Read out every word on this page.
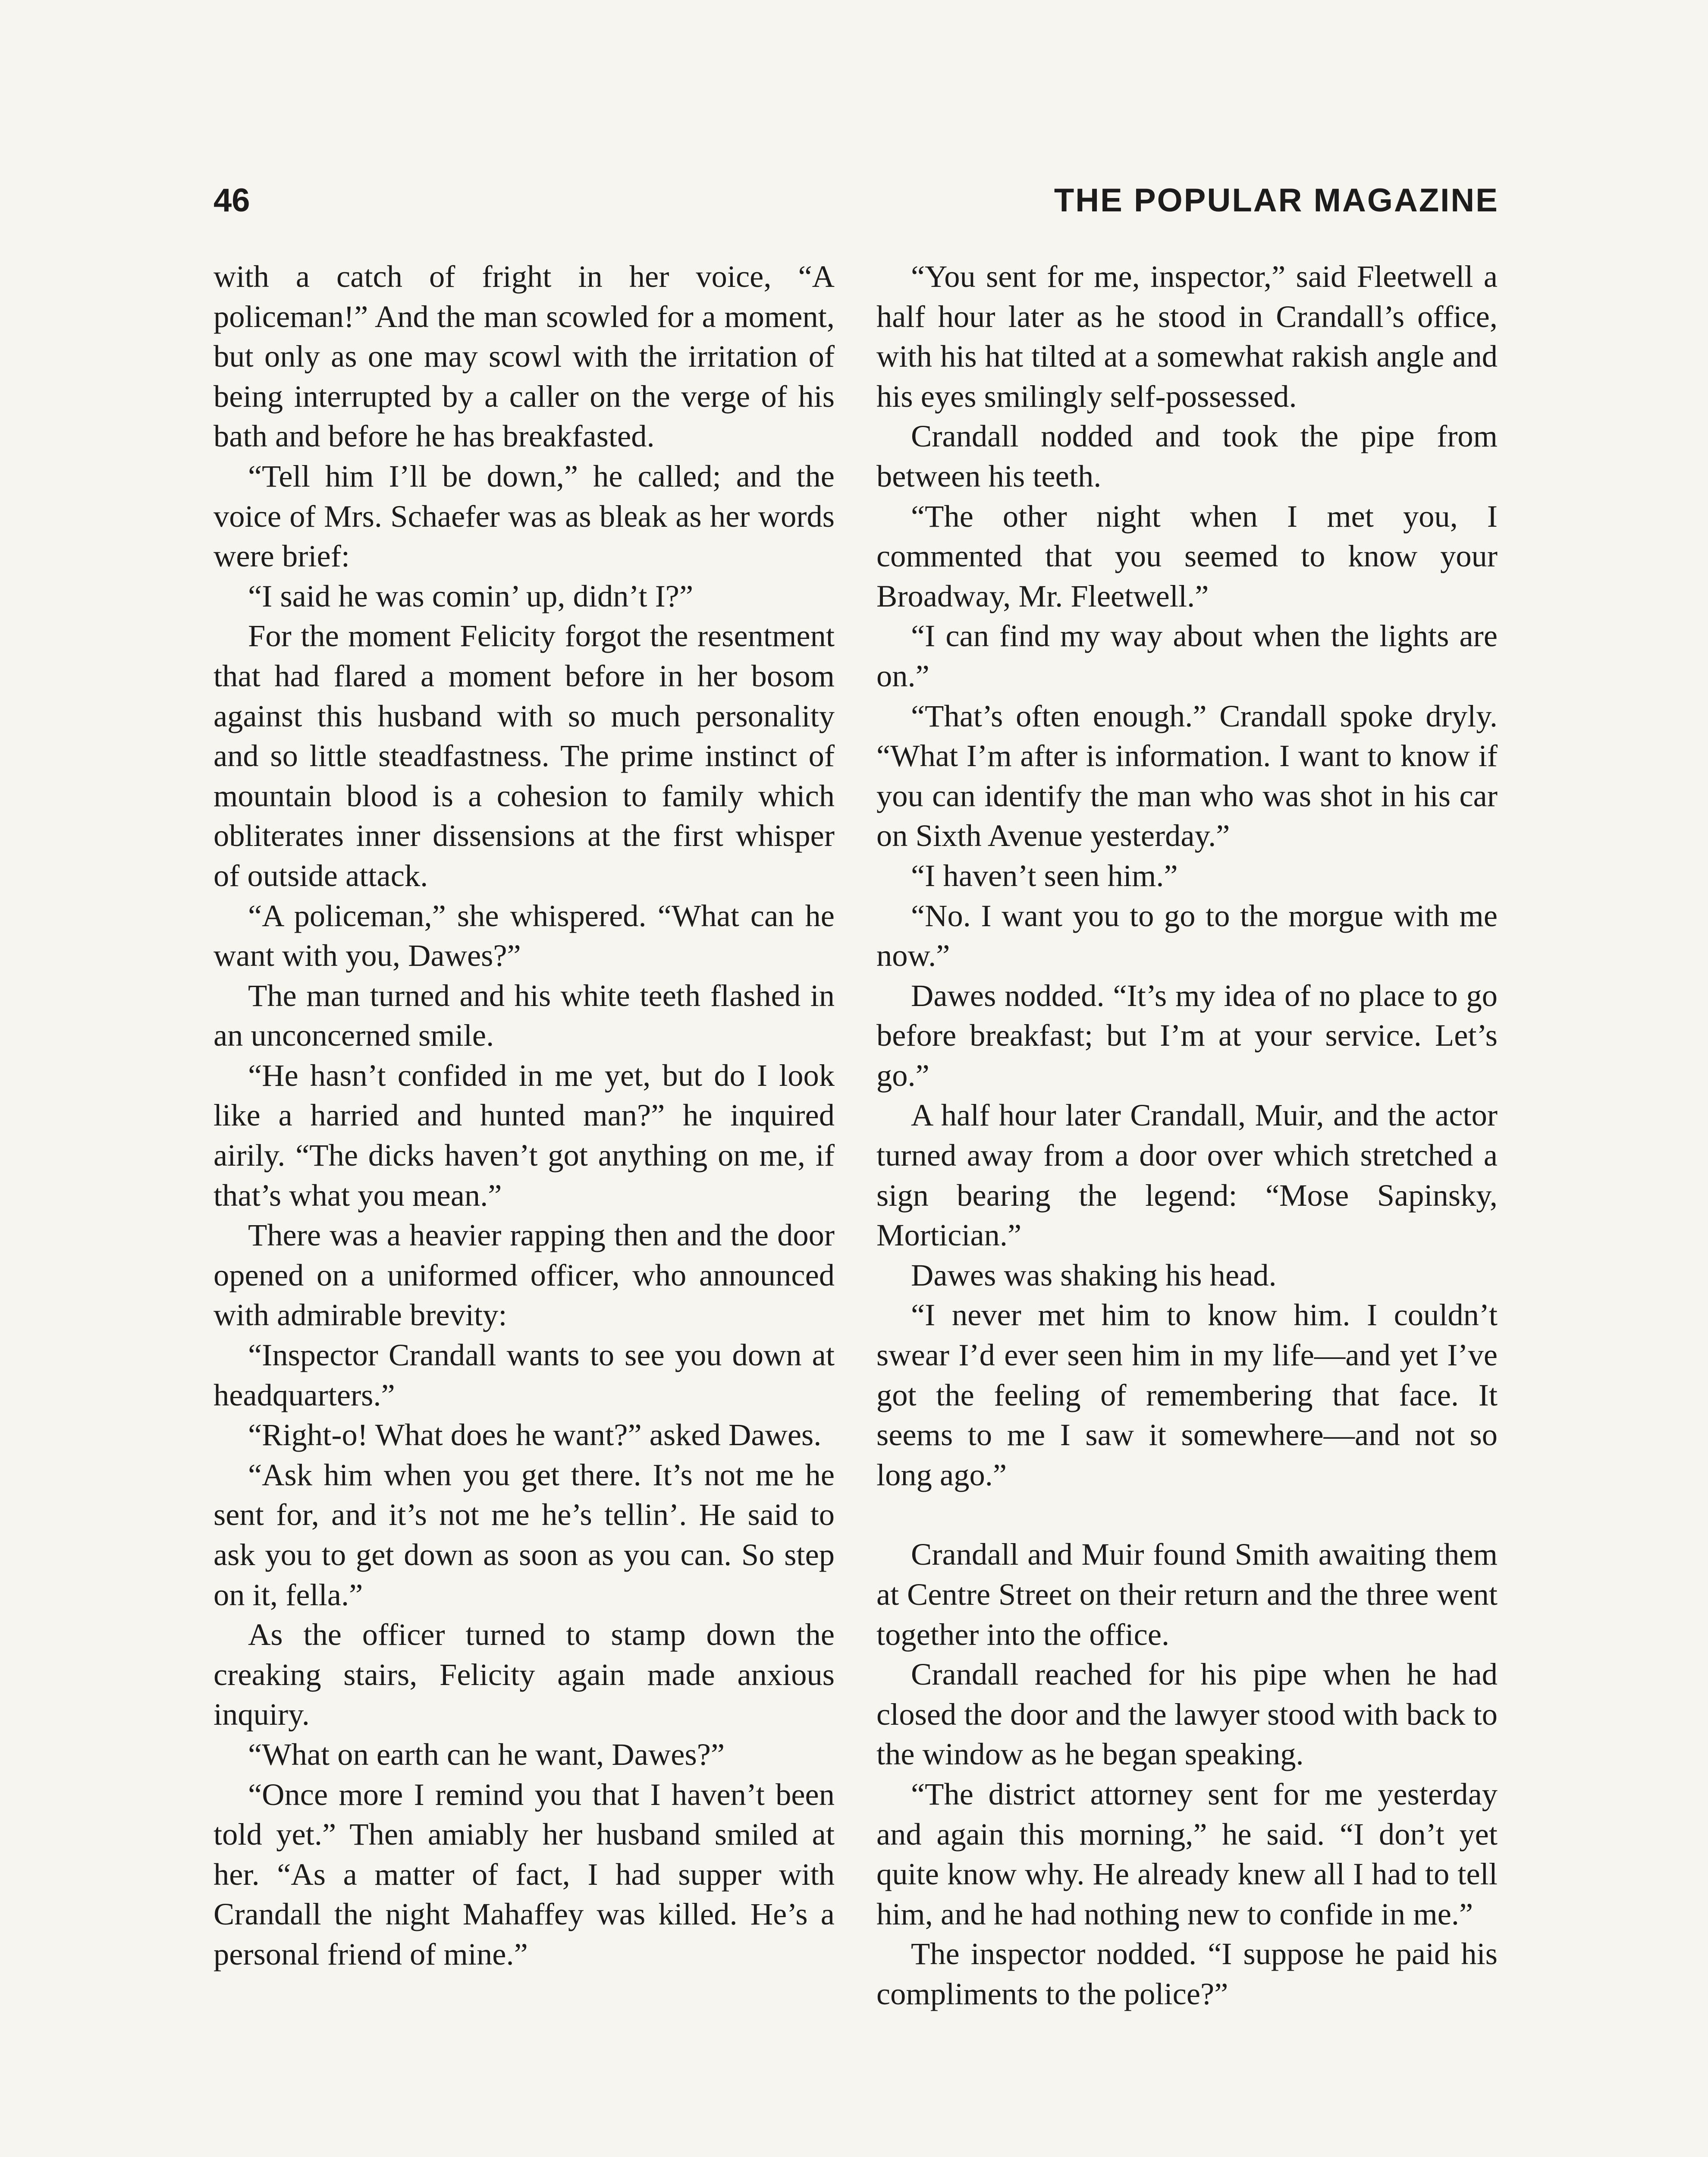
46	THE POPULAR MAGAZINE

with a catch of fright in her voice, “A policeman!” And the man scowled for a moment, but only as one may scowl with the irritation of being interrupted by a caller on the verge of his bath and before he has breakfasted.

“Tell him I’ll be down,” he called; and the voice of Mrs. Schaefer was as bleak as her words were brief:

“I said he was comin’ up, didn’t I?”

For the moment Felicity forgot the resentment that had flared a moment before in her bosom against this husband with so much personality and so little steadfastness. The prime instinct of mountain blood is a cohesion to family which obliterates inner dissensions at the first whisper of outside attack.

“A policeman,” she whispered. “What can he want with you, Dawes?”

The man turned and his white teeth flashed in an unconcerned smile.

“He hasn’t confided in me yet, but do I look like a harried and hunted man?” he inquired airily. “The dicks haven’t got anything on me, if that’s what you mean.”

There was a heavier rapping then and the door opened on a uniformed officer, who announced with admirable brevity:

“Inspector Crandall wants to see you down at headquarters.”

“Right-o! What does he want?” asked Dawes.

“Ask him when you get there. It’s not me he sent for, and it’s not me he’s tellin’. He said to ask you to get down as soon as you can. So step on it, fella.”

As the officer turned to stamp down the creaking stairs, Felicity again made anxious inquiry.

“What on earth can he want, Dawes?”

“Once more I remind you that I haven’t been told yet.” Then amiably her husband smiled at her. “As a matter of fact, I had supper with Crandall the night Mahaffey was killed. He’s a personal friend of mine.”

“You sent for me, inspector,” said Fleetwell a half hour later as he stood in Crandall’s office, with his hat tilted at a somewhat rakish angle and his eyes smilingly self-possessed.

Crandall nodded and took the pipe from between his teeth.

“The other night when I met you, I commented that you seemed to know your Broadway, Mr. Fleetwell.”

“I can find my way about when the lights are on.”

“That’s often enough.” Crandall spoke dryly. “What I’m after is information. I want to know if you can identify the man who was shot in his car on Sixth Avenue yesterday.”

“I haven’t seen him.”

“No. I want you to go to the morgue with me now.”

Dawes nodded. “It’s my idea of no place to go before breakfast; but I’m at your service. Let’s go.”

A half hour later Crandall, Muir, and the actor turned away from a door over which stretched a sign bearing the legend: “Mose Sapinsky, Mortician.”

Dawes was shaking his head.

“I never met him to know him. I couldn’t swear I’d ever seen him in my life—and yet I’ve got the feeling of remembering that face. It seems to me I saw it somewhere—and not so long ago.”

Crandall and Muir found Smith awaiting them at Centre Street on their return and the three went together into the office.

Crandall reached for his pipe when he had closed the door and the lawyer stood with back to the window as he began speaking.

“The district attorney sent for me yesterday and again this morning,” he said. “I don’t yet quite know why. He already knew all I had to tell him, and he had nothing new to confide in me.”

The inspector nodded. “I suppose he paid his compliments to the police?”
